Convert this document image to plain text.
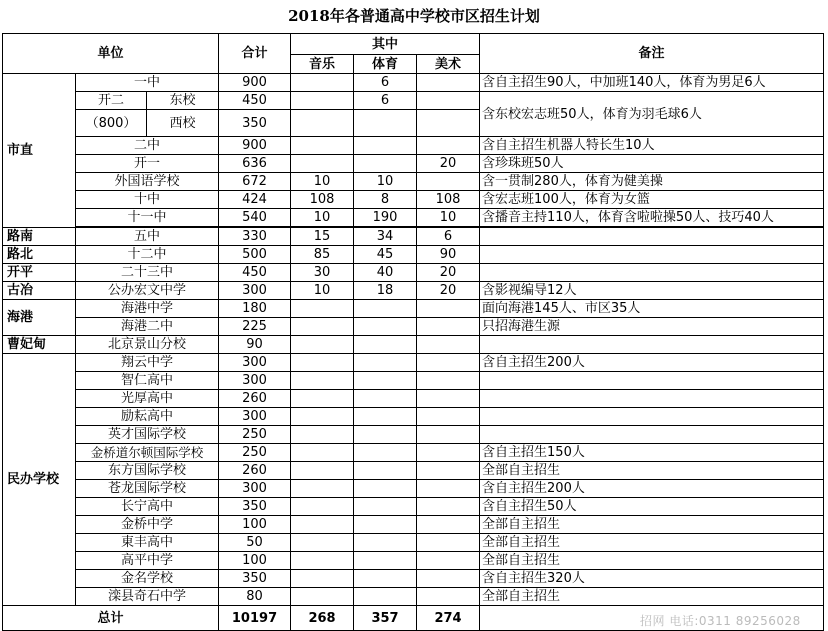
2018年各普通高中学校市区招生计划
单位			合计	其中			备注
				音乐	体育	美术	
市直	一中		900		6		含自主招生90人，中加班140人，体育为男足6人
	开二	东校	450		6		含东校宏志班50人，体育为羽毛球6人
	（800）	西校	350				
	二中		900				含自主招生机器人特长生10人
	开一		636			20	含珍珠班50人
	外国语学校		672	10	10		含一贯制280人，体育为健美操
	十中		424	108	8	108	含宏志班100人，体育为女篮
	十一中		540	10	190	10	含播音主持110人，体育含啦啦操50人、技巧40人

路南	五中		330	15	34	6	
路北	十二中		500	85	45	90	
开平	二十三中		450	30	40	20	
古冶	公办宏文中学		300	10	18	20	含影视编导12人
海港	海港中学		180				面向海港145人、市区35人
	海港二中		225				只招海港生源
曹妃甸	北京景山分校		90				
民办学校	翔云中学		300				含自主招生200人
	智仁高中		300				
	光厚高中		260				
	励耘高中		300				
	英才国际学校		250				
	金桥道尔顿国际学校		250				含自主招生150人
	东方国际学校		260				全部自主招生
	苍龙国际学校		300				含自主招生200人
	长宁高中		350				含自主招生50人
	金桥中学		100				全部自主招生
	東丰高中		50				全部自主招生
	高平中学		100				全部自主招生
	金名学校		350				含自主招生320人
	滦县奇石中学		80				全部自主招生
总计			10197	268	357	274		招网 电话:0311 89256028
